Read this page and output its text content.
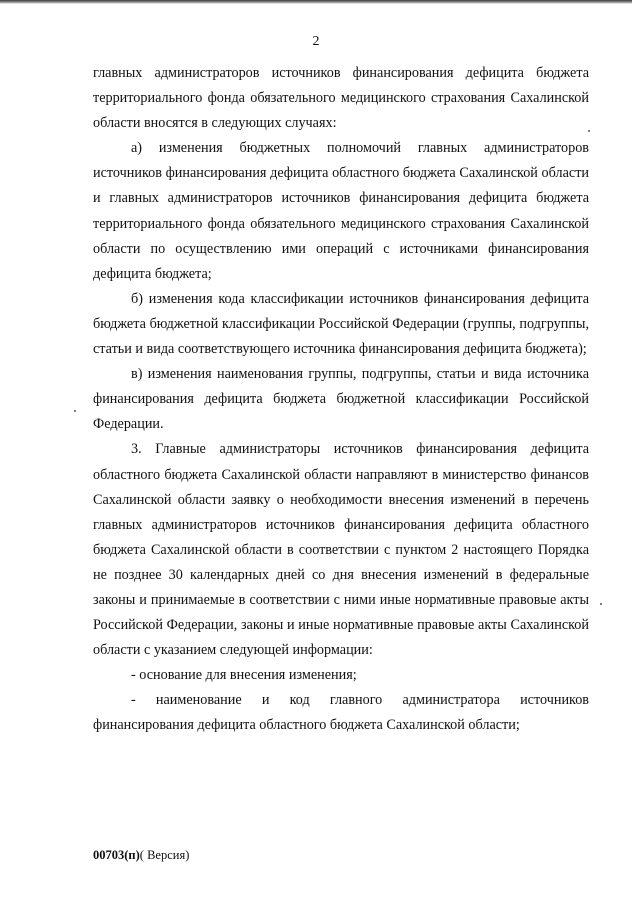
2

главных администраторов источников финансирования дефицита бюджета территориального фонда обязательного медицинского страхования Сахалинской области вносятся в следующих случаях:

а) изменения бюджетных полномочий главных администраторов источников финансирования дефицита областного бюджета Сахалинской области и главных администраторов источников финансирования дефицита бюджета территориального фонда обязательного медицинского страхования Сахалинской области по осуществлению ими операций с источниками финансирования дефицита бюджета;

б) изменения кода классификации источников финансирования дефицита бюджета бюджетной классификации Российской Федерации (группы, подгруппы, статьи и вида соответствующего источника финансирования дефицита бюджета);

в) изменения наименования группы, подгруппы, статьи и вида источника финансирования дефицита бюджета бюджетной классификации Российской Федерации.

3. Главные администраторы источников финансирования дефицита областного бюджета Сахалинской области направляют в министерство финансов Сахалинской области заявку о необходимости внесения изменений в перечень главных администраторов источников финансирования дефицита областного бюджета Сахалинской области в соответствии с пунктом 2 настоящего Порядка не позднее 30 календарных дней со дня внесения изменений в федеральные законы и принимаемые в соответствии с ними иные нормативные правовые акты Российской Федерации, законы и иные нормативные правовые акты Сахалинской области с указанием следующей информации:

- основание для внесения изменения;

- наименование и код главного администратора источников финансирования дефицита областного бюджета Сахалинской области;

00703(п)( Версия)
